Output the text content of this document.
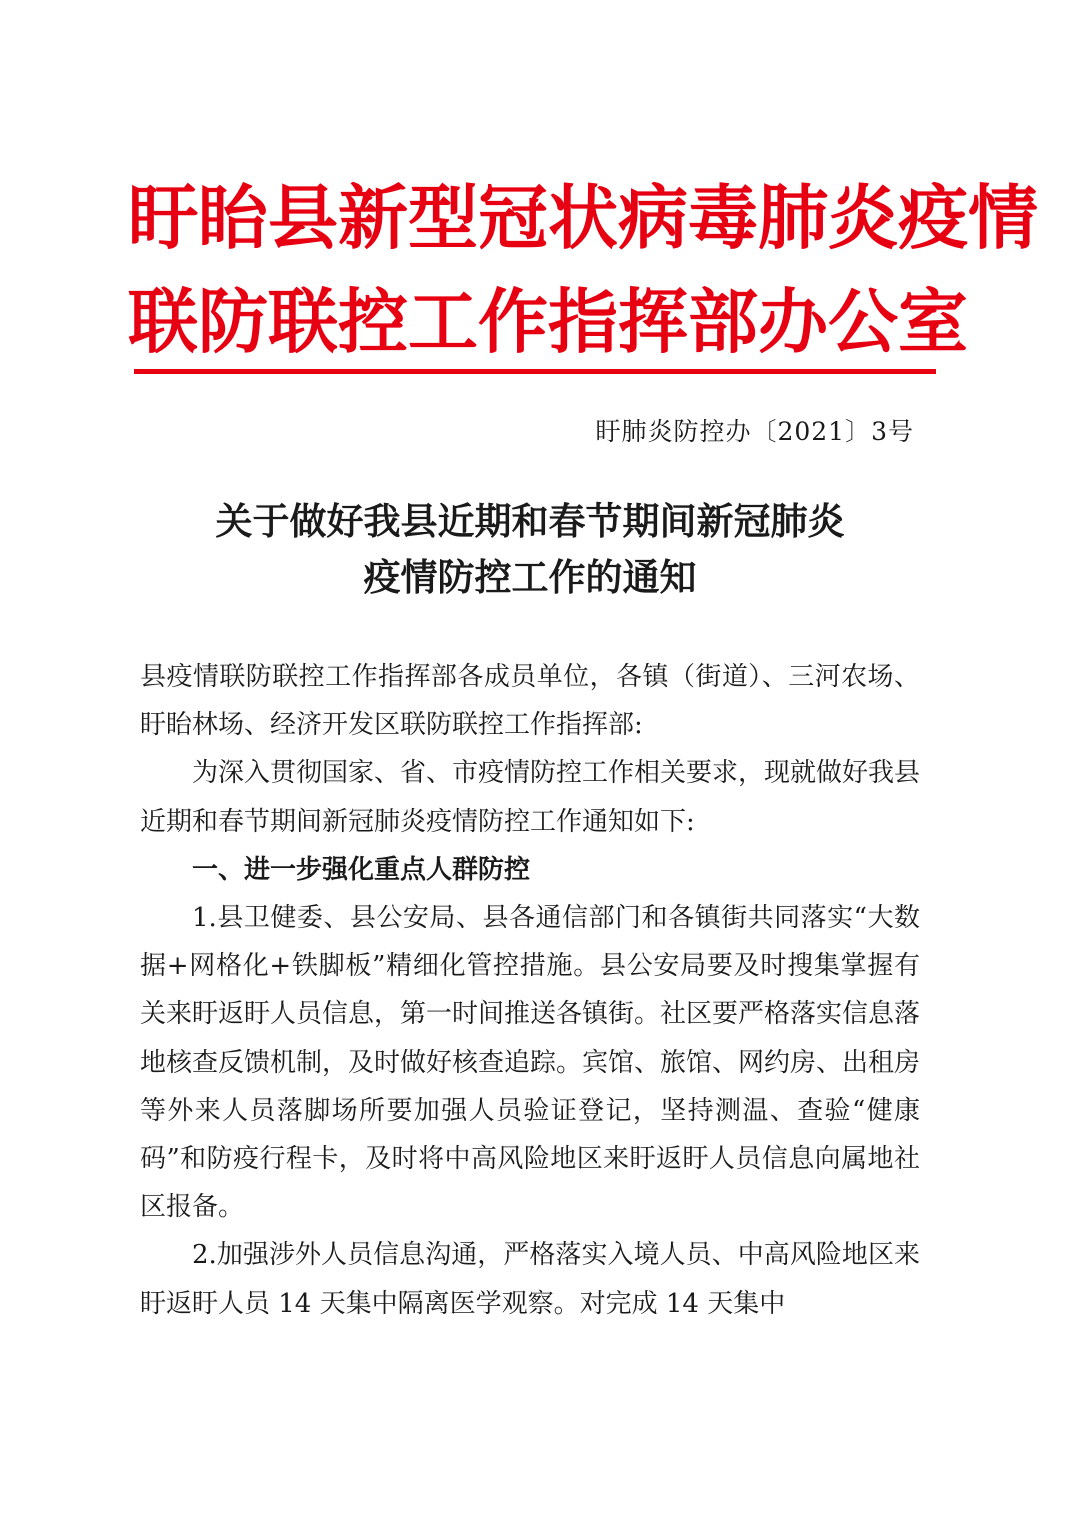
盱眙县新型冠状病毒肺炎疫情

联防联控工作指挥部办公室

盱肺炎防控办〔2021〕3号

关于做好我县近期和春节期间新冠肺炎
疫情防控工作的通知

县疫情联防联控工作指挥部各成员单位，各镇（街道）、三河农场、盱眙林场、经济开发区联防联控工作指挥部:

为深入贯彻国家、省、市疫情防控工作相关要求，现就做好我县近期和春节期间新冠肺炎疫情防控工作通知如下:

一、进一步强化重点人群防控

1.县卫健委、县公安局、县各通信部门和各镇街共同落实“大数据+网格化+铁脚板”精细化管控措施。县公安局要及时搜集掌握有关来盱返盱人员信息，第一时间推送各镇街。社区要严格落实信息落地核查反馈机制，及时做好核查追踪。宾馆、旅馆、网约房、出租房等外来人员落脚场所要加强人员验证登记，坚持测温、查验“健康码”和防疫行程卡，及时将中高风险地区来盱返盱人员信息向属地社区报备。

2.加强涉外人员信息沟通，严格落实入境人员、中高风险地区来盱返盱人员 14 天集中隔离医学观察。对完成 14 天集中
